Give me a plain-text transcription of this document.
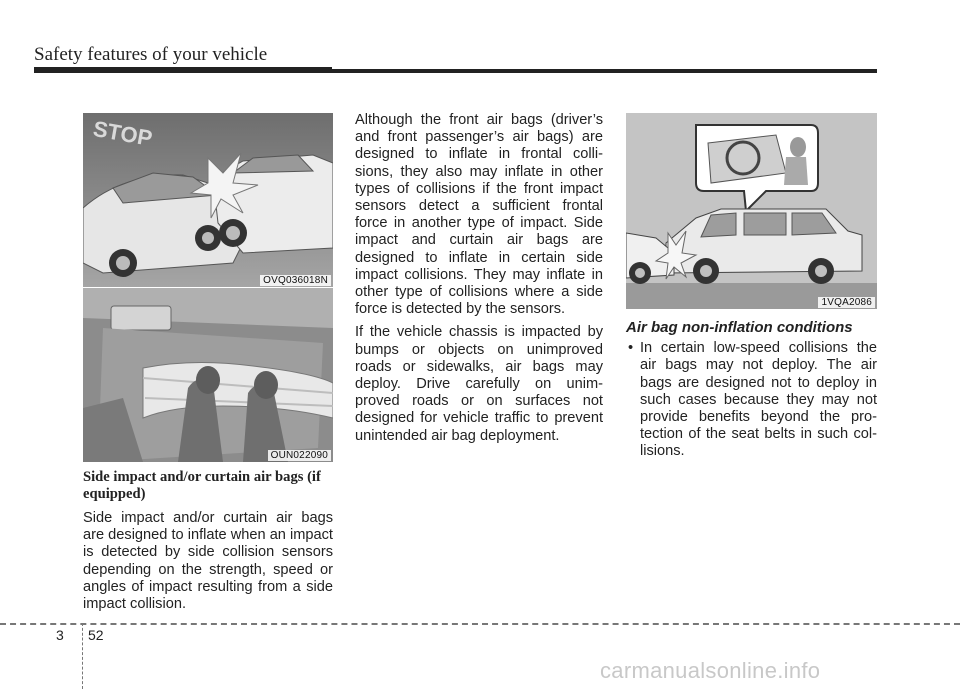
Safety features of your vehicle
STOP
OVQ036018N
OUN022090
Side impact and/or curtain air bags (if equipped)

Side impact and/or curtain air bags are designed to inflate when an impact is detected by side collision sensors depending on the strength, speed or angles of impact resulting from a side impact collision.

Although the front air bags (driver’s and front passenger’s air bags) are designed to inflate in frontal colli- sions, they also may inflate in other types of collisions if the front impact sensors detect a sufficient frontal force in another type of impact. Side impact and curtain air bags are designed to inflate in certain side impact collisions. They may inflate in other type of collisions where a side force is detected by the sensors.

If the vehicle chassis is impacted by bumps or objects on unimproved roads or sidewalks, air bags may deploy. Drive carefully on unim- proved roads or on surfaces not designed for vehicle traffic to prevent unintended air bag deployment.

1VQA2086
Air bag non-inflation conditions

• In certain low-speed collisions the air bags may not deploy. The air bags are designed not to deploy in such cases because they may not provide benefits beyond the pro- tection of the seat belts in such col- lisions.

3 52
carmanualsonline.info
